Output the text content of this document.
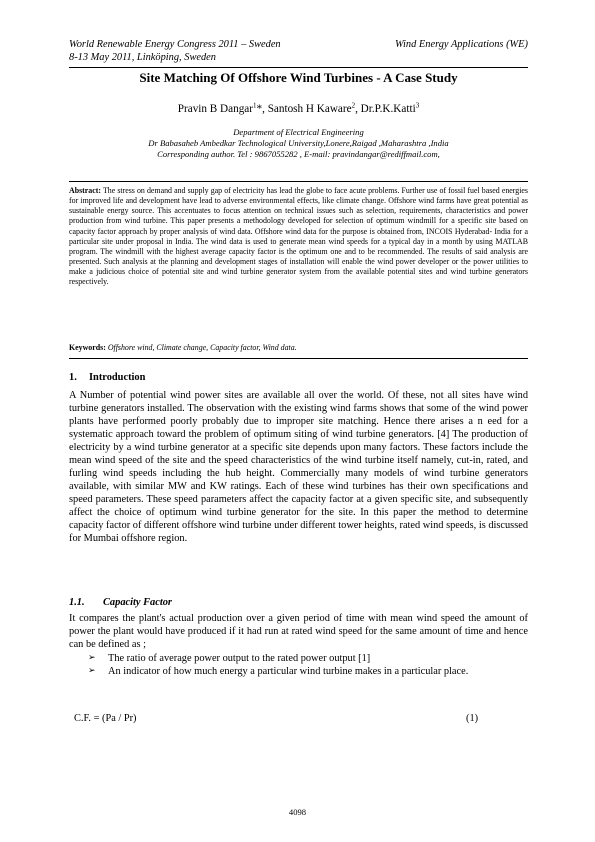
World Renewable Energy Congress 2011 – Sweden
8-13 May 2011, Linköping, Sweden
Wind Energy Applications (WE)
Site Matching Of Offshore Wind Turbines - A Case Study
Pravin B Dangar$^1$*, Santosh H Kaware$^2$, Dr.P.K.Katti$^3$
Department of Electrical Engineering
Dr Babasaheb Ambedkar Technological University,Lonere,Raigad ,Maharashtra ,India
Corresponding author. Tel : 9867055282 , E-mail: pravindangar@rediffmail.com,
Abstract: The stress on demand and supply gap of electricity has lead the globe to face acute problems. Further use of fossil fuel based energies for improved life and development have lead to adverse environmental effects, like climate change. Offshore wind farms have great potential as sustainable energy source. This accentuates to focus attention on technical issues such as selection, requirements, characteristics and power production from wind turbine. This paper presents a methodology developed for selection of optimum windmill for a specific site based on capacity factor approach by proper analysis of wind data. Offshore wind data for the purpose is obtained from, INCOIS Hyderabad- India for a particular site under proposal in India. The wind data is used to generate mean wind speeds for a typical day in a month by using MATLAB program. The windmill with the highest average capacity factor is the optimum one and to be recommended. The results of said analysis are presented. Such analysis at the planning and development stages of installation will enable the wind power developer or the power utilities to make a judicious choice of potential site and wind turbine generator system from the available potential sites and wind turbine generators respectively.
Keywords: Offshore wind, Climate change, Capacity factor, Wind data.
1. Introduction
A Number of potential wind power sites are available all over the world. Of these, not all sites have wind turbine generators installed. The observation with the existing wind farms shows that some of the wind power plants have performed poorly probably due to improper site matching. Hence there arises a n eed for a systematic approach toward the problem of optimum siting of wind turbine generators. [4] The production of electricity by a wind turbine generator at a specific site depends upon many factors. These factors include the mean wind speed of the site and the speed characteristics of the wind turbine itself namely, cut-in, rated, and furling wind speeds including the hub height. Commercially many models of wind turbine generators available, with similar MW and KW ratings. Each of these wind turbines has their own specifications and speed parameters. These speed parameters affect the capacity factor at a given specific site, and subsequently affect the choice of optimum wind turbine generator for the site. In this paper the method to determine capacity factor of different offshore wind turbine under different tower heights, rated wind speeds, is discussed for Mumbai offshore region.
1.1. Capacity Factor
It compares the plant's actual production over a given period of time with mean wind speed the amount of power the plant would have produced if it had run at rated wind speed for the same amount of time and hence can be defined as ;
➢ The ratio of average power output to the rated power output [1]
➢ An indicator of how much energy a particular wind turbine makes in a particular place.
C.F. = (Pa / Pr)	(1)
4098
